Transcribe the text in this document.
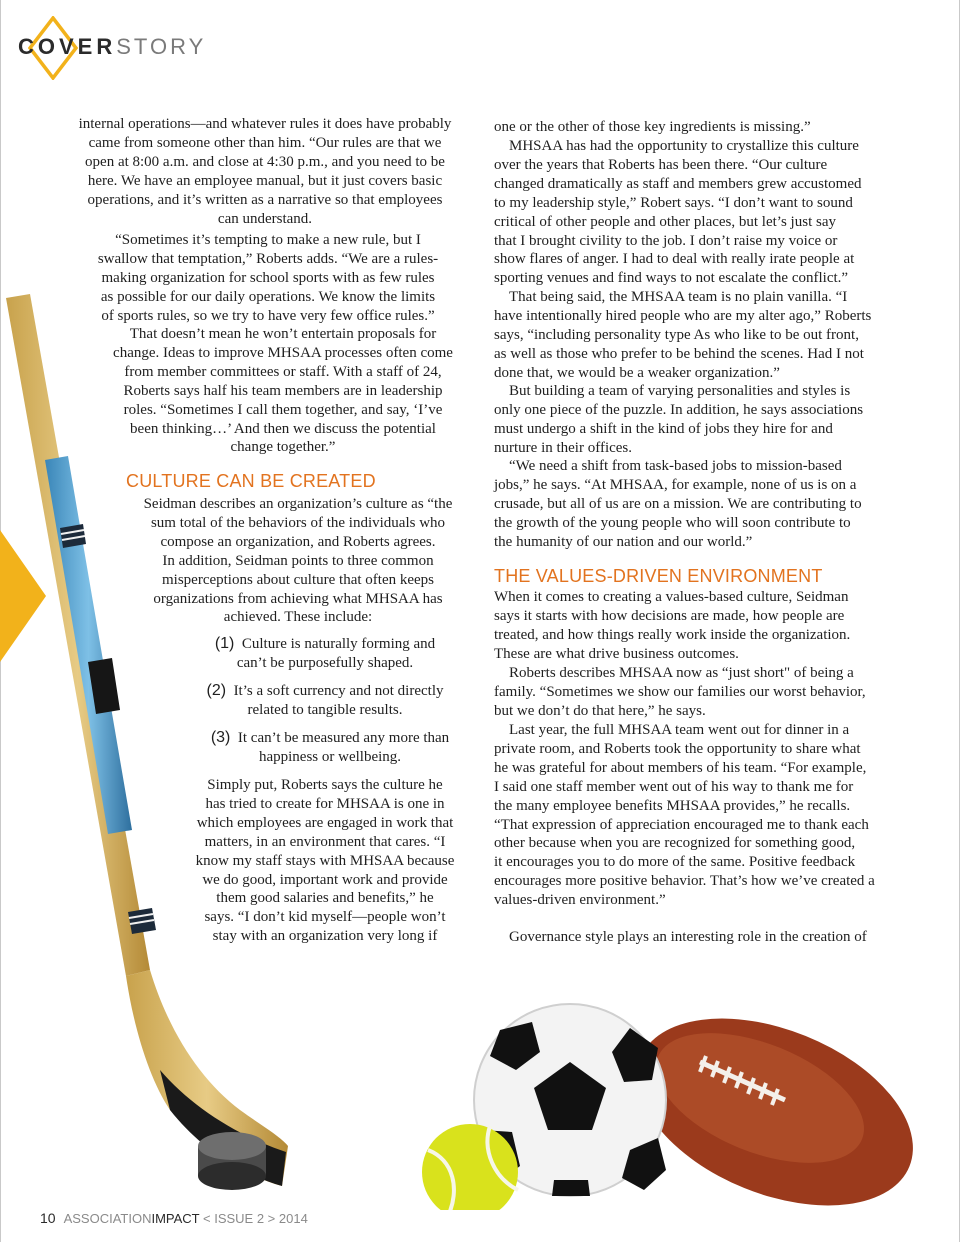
COVERSTORY
internal operations—and whatever rules it does have probably
came from someone other than him. “Our rules are that we
open at 8:00 a.m. and close at 4:30 p.m., and you need to be
here. We have an employee manual, but it just covers basic
operations, and it’s written as a narrative so that employees
can understand.
“Sometimes it’s tempting to make a new rule, but I
swallow that temptation,” Roberts adds. “We are a rules-
making organization for school sports with as few rules
as possible for our daily operations. We know the limits
of sports rules, so we try to have very few office rules.”
That doesn’t mean he won’t entertain proposals for
change. Ideas to improve MHSAA processes often come
from member committees or staff. With a staff of 24,
Roberts says half his team members are in leadership
roles. “Sometimes I call them together, and say, ‘I’ve
been thinking…’ And then we discuss the potential
change together.”
CULTURE CAN BE CREATED
Seidman describes an organization’s culture as “the
sum total of the behaviors of the individuals who
compose an organization, and Roberts agrees.
In addition, Seidman points to three common
misperceptions about culture that often keeps
organizations from achieving what MHSAA has
achieved. These include:
(1) Culture is naturally forming and
can’t be purposefully shaped.
(2) It’s a soft currency and not directly
related to tangible results.
(3) It can’t be measured any more than
happiness or wellbeing.
Simply put, Roberts says the culture he
has tried to create for MHSAA is one in
which employees are engaged in work that
matters, in an environment that cares. “I
know my staff stays with MHSAA because
we do good, important work and provide
them good salaries and benefits,” he
says. “I don’t kid myself—people won’t
stay with an organization very long if
one or the other of those key ingredients is missing.”
MHSAA has had the opportunity to crystallize this culture
over the years that Roberts has been there. “Our culture
changed dramatically as staff and members grew accustomed
to my leadership style,” Robert says. “I don’t want to sound
critical of other people and other places, but let’s just say
that I brought civility to the job. I don’t raise my voice or
show flares of anger. I had to deal with really irate people at
sporting venues and find ways to not escalate the conflict.”
That being said, the MHSAA team is no plain vanilla. “I
have intentionally hired people who are my alter ago,” Roberts
says, “including personality type As who like to be out front,
as well as those who prefer to be behind the scenes. Had I not
done that, we would be a weaker organization.”
But building a team of varying personalities and styles is
only one piece of the puzzle. In addition, he says associations
must undergo a shift in the kind of jobs they hire for and
nurture in their offices.
“We need a shift from task-based jobs to mission-based
jobs,” he says. “At MHSAA, for example, none of us is on a
crusade, but all of us are on a mission. We are contributing to
the growth of the young people who will soon contribute to
the humanity of our nation and our world.”
THE VALUES-DRIVEN ENVIRONMENT
When it comes to creating a values-based culture, Seidman
says it starts with how decisions are made, how people are
treated, and how things really work inside the organization.
These are what drive business outcomes.
Roberts describes MHSAA now as “just short" of being a
family. “Sometimes we show our families our worst behavior,
but we don’t do that here,” he says.
Last year, the full MHSAA team went out for dinner in a
private room, and Roberts took the opportunity to share what
he was grateful for about members of his team. “For example,
I said one staff member went out of his way to thank me for
the many employee benefits MHSAA provides,” he recalls.
“That expression of appreciation encouraged me to thank each
other because when you are recognized for something good,
it encourages you to do more of the same. Positive feedback
encourages more positive behavior. That’s how we’ve created a
values-driven environment.”
Governance style plays an interesting role in the creation of
10 ASSOCIATIONIMPACT < ISSUE 2 > 2014
